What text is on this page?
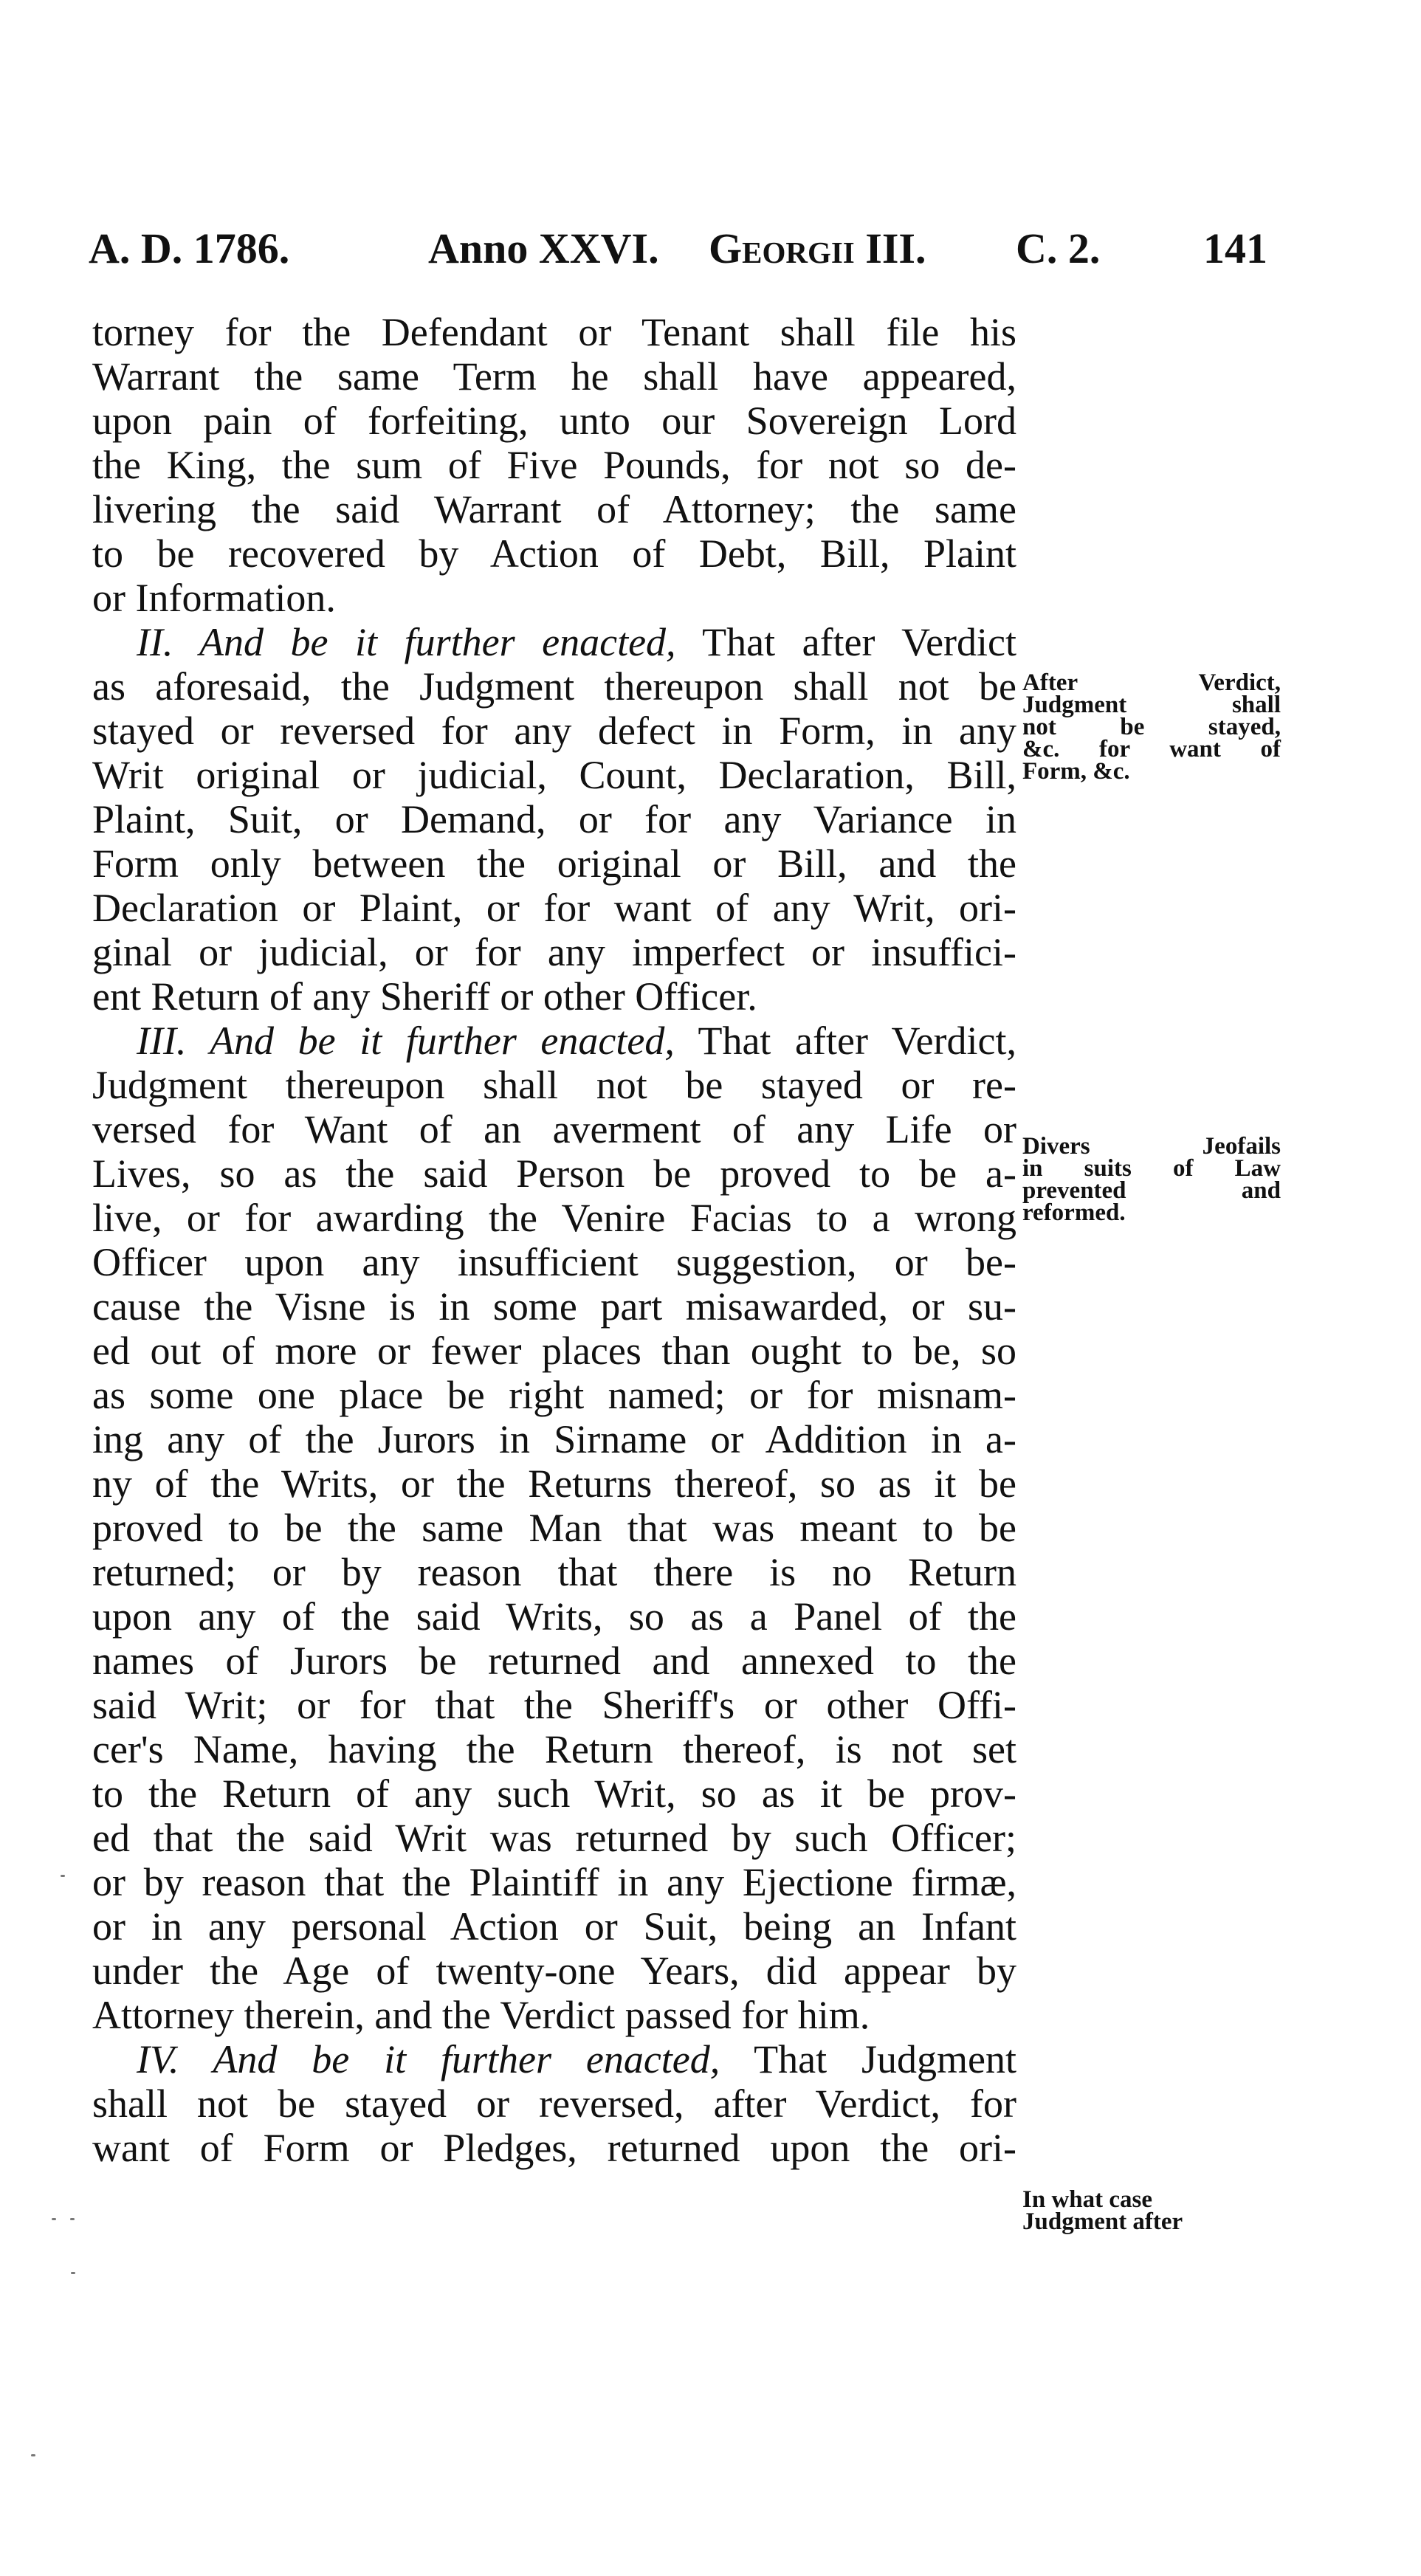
A. D. 1786.	Anno XXVI. Georgii III. C. 2. 141
torney for the Defendant or Tenant shall file his
Warrant the same Term he shall have appeared,
upon pain of forfeiting, unto our Sovereign Lord
the King, the sum of Five Pounds, for not so de-
livering the said Warrant of Attorney; the same
to be recovered by Action of Debt, Bill, Plaint
or Information.
II. And be it further enacted, That after Verdict
as aforesaid, the Judgment thereupon shall not be
stayed or reversed for any defect in Form, in any
Writ original or judicial, Count, Declaration, Bill,
Plaint, Suit, or Demand, or for any Variance in
Form only between the original or Bill, and the
Declaration or Plaint, or for want of any Writ, ori-
ginal or judicial, or for any imperfect or insuffici-
ent Return of any Sheriff or other Officer.
III. And be it further enacted, That after Verdict,
Judgment thereupon shall not be stayed or re-
versed for Want of an averment of any Life or
Lives, so as the said Person be proved to be a-
live, or for awarding the Venire Facias to a wrong
Officer upon any insufficient suggestion, or be-
cause the Visne is in some part misawarded, or su-
ed out of more or fewer places than ought to be, so
as some one place be right named; or for misnam-
ing any of the Jurors in Sirname or Addition in a-
ny of the Writs, or the Returns thereof, so as it be
proved to be the same Man that was meant to be
returned; or by reason that there is no Return
upon any of the said Writs, so as a Panel of the
names of Jurors be returned and annexed to the
said Writ; or for that the Sheriff's or other Offi-
cer's Name, having the Return thereof, is not set
to the Return of any such Writ, so as it be prov-
ed that the said Writ was returned by such Officer;
or by reason that the Plaintiff in any Ejectione firmæ,
or in any personal Action or Suit, being an Infant
under the Age of twenty-one Years, did appear by
Attorney therein, and the Verdict passed for him.
IV. And be it further enacted, That Judgment
shall not be stayed or reversed, after Verdict, for
want of Form or Pledges, returned upon the ori-
After Verdict,
Judgment shall
not be stayed,
&c. for want of
Form, &c.
Divers Jeofails
in suits of Law
prevented and
reformed.
In what case
Judgment after
